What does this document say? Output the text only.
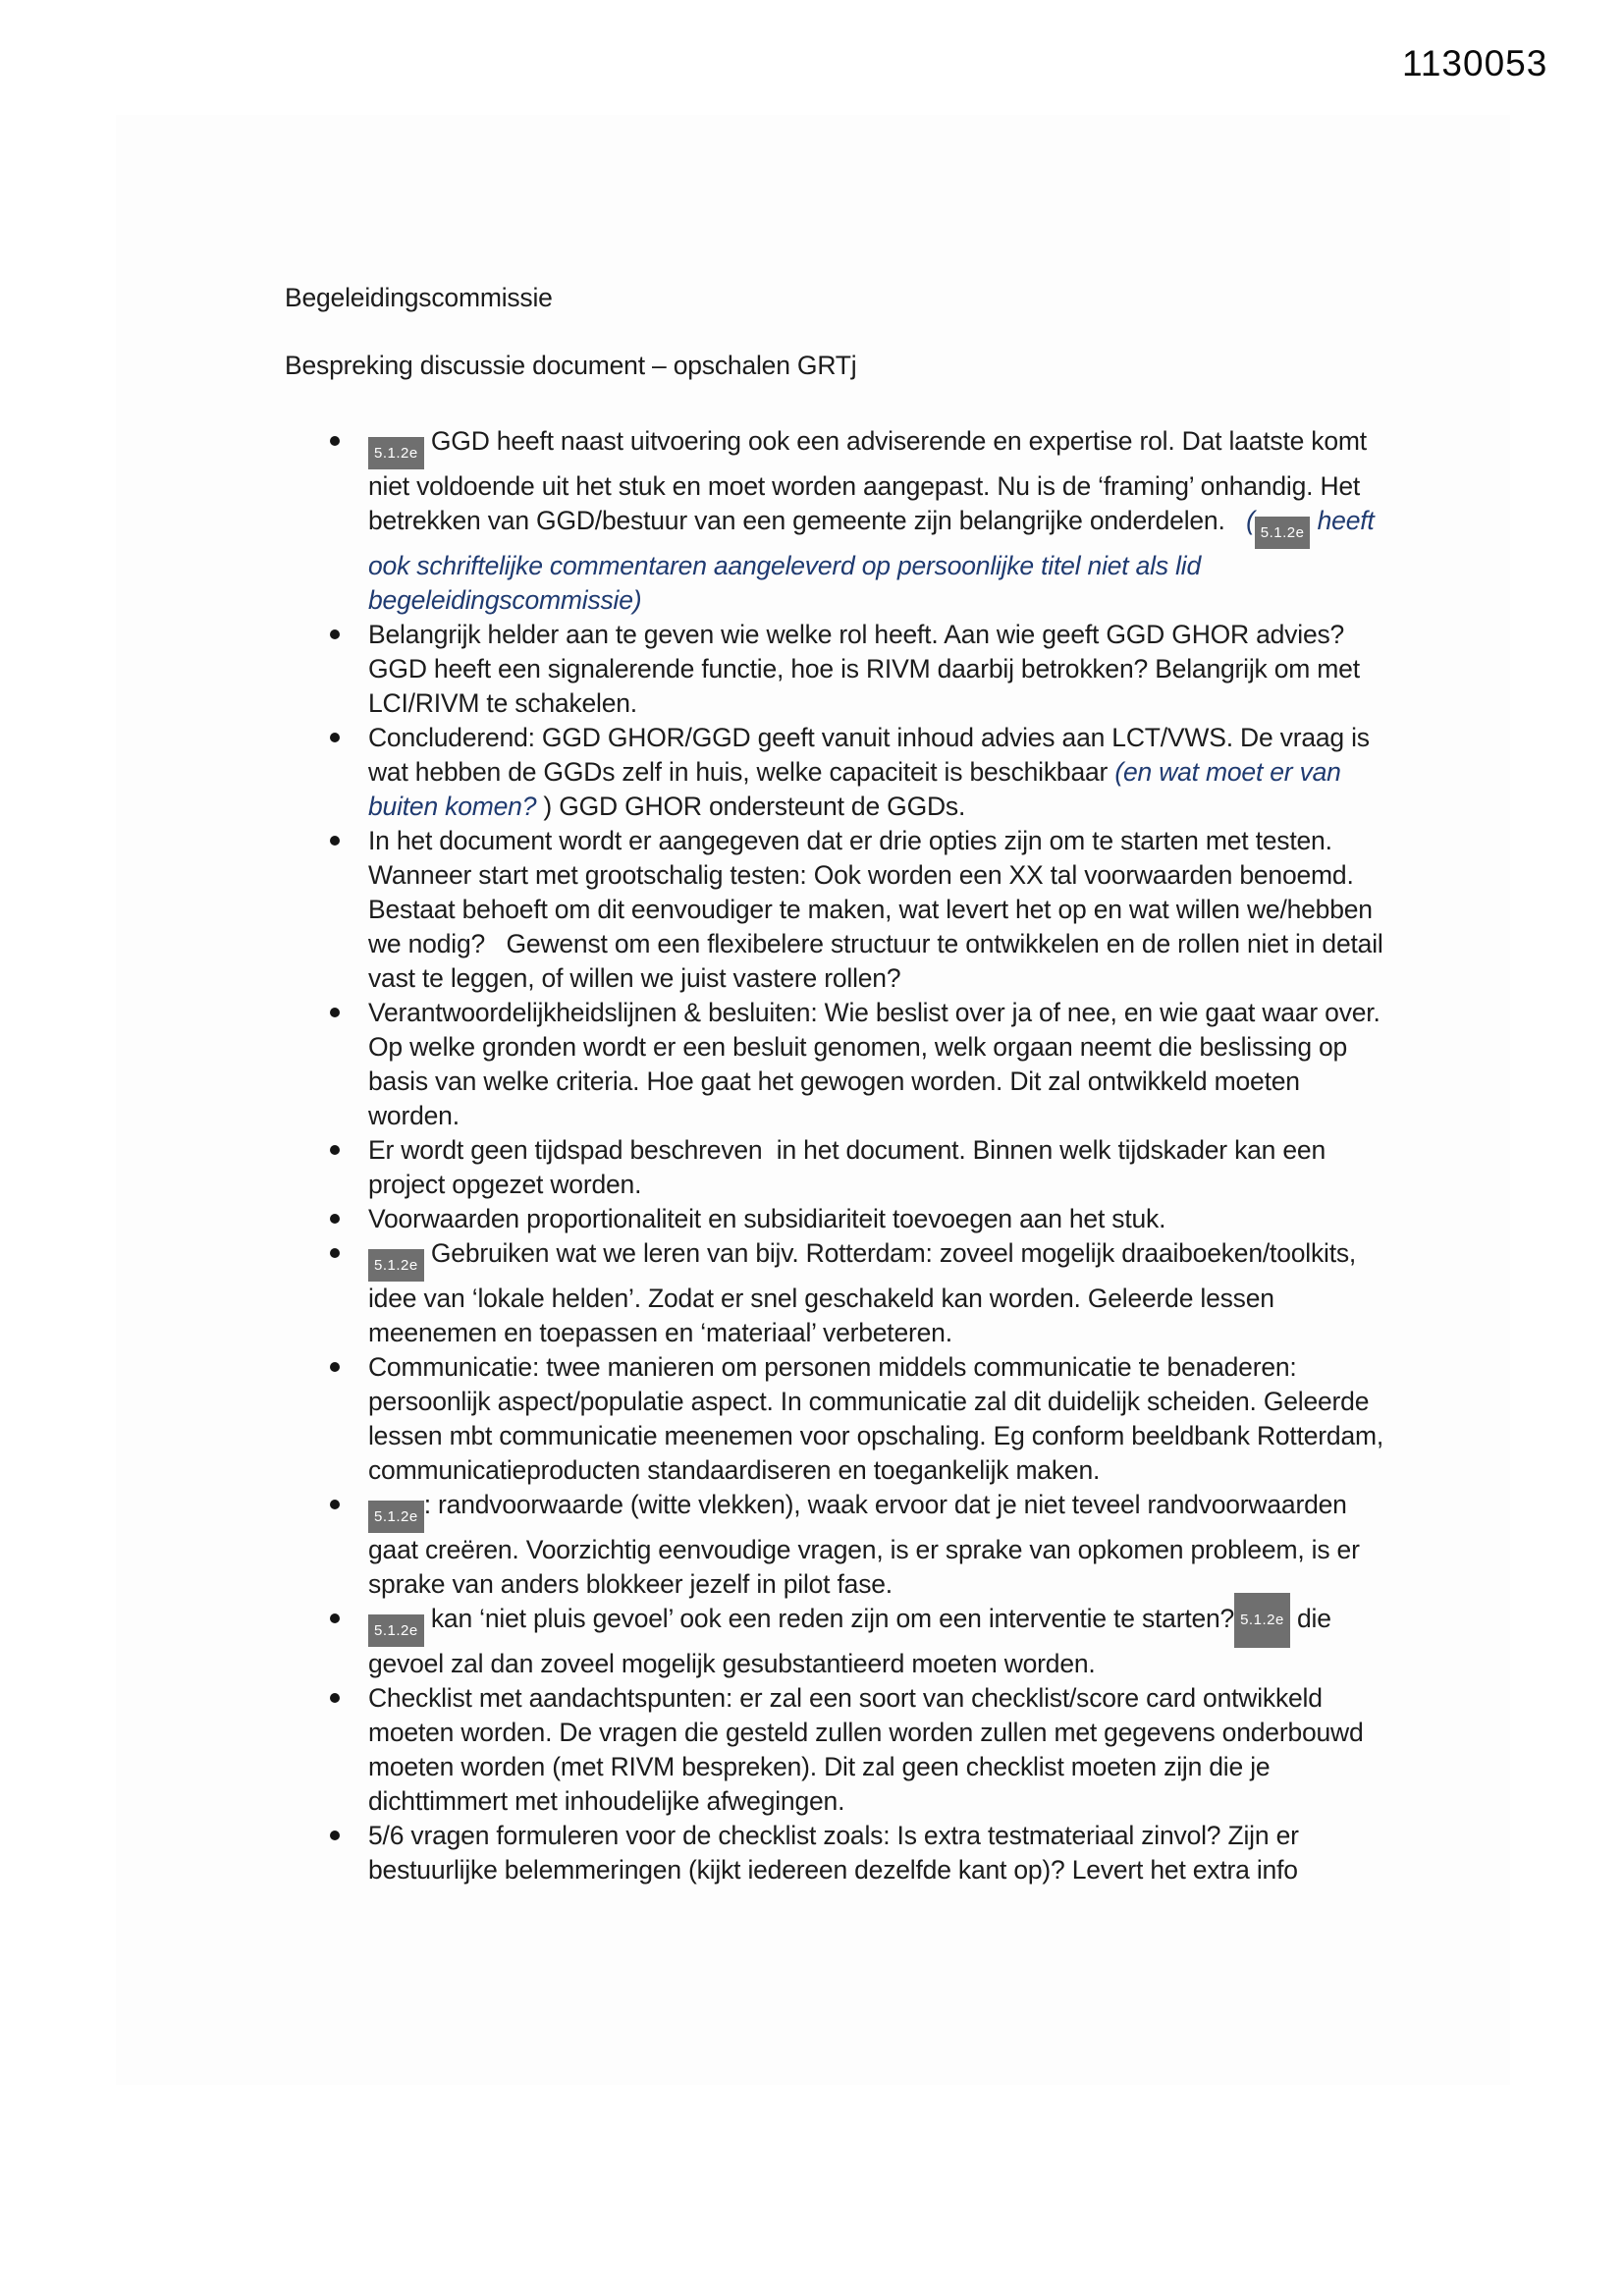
1130053

Begeleidingscommissie

Bespreking discussie document – opschalen GRTj

5.1.2e GGD heeft naast uitvoering ook een adviserende en expertise rol. Dat laatste komt niet voldoende uit het stuk en moet worden aangepast. Nu is de ‘framing’ onhandig. Het betrekken van GGD/bestuur van een gemeente zijn belangrijke onderdelen.   ( 5.1.2e heeft ook schriftelijke commentaren aangeleverd op persoonlijke titel niet als lid begeleidingscommissie)
Belangrijk helder aan te geven wie welke rol heeft. Aan wie geeft GGD GHOR advies? GGD heeft een signalerende functie, hoe is RIVM daarbij betrokken? Belangrijk om met LCI/RIVM te schakelen.
Concluderend: GGD GHOR/GGD geeft vanuit inhoud advies aan LCT/VWS. De vraag is wat hebben de GGDs zelf in huis, welke capaciteit is beschikbaar (en wat moet er van buiten komen? ) GGD GHOR ondersteunt de GGDs.
In het document wordt er aangegeven dat er drie opties zijn om te starten met testen. Wanneer start met grootschalig testen: Ook worden een XX tal voorwaarden benoemd. Bestaat behoeft om dit eenvoudiger te maken, wat levert het op en wat willen we/hebben we nodig?   Gewenst om een flexibelere structuur te ontwikkelen en de rollen niet in detail vast te leggen, of willen we juist vastere rollen?
Verantwoordelijkheidslijnen & besluiten: Wie beslist over ja of nee, en wie gaat waar over. Op welke gronden wordt er een besluit genomen, welk orgaan neemt die beslissing op basis van welke criteria. Hoe gaat het gewogen worden. Dit zal ontwikkeld moeten worden.
Er wordt geen tijdspad beschreven  in het document. Binnen welk tijdskader kan een project opgezet worden.
Voorwaarden proportionaliteit en subsidiariteit toevoegen aan het stuk.
5.1.2e Gebruiken wat we leren van bijv. Rotterdam: zoveel mogelijk draaiboeken/toolkits, idee van ‘lokale helden’. Zodat er snel geschakeld kan worden. Geleerde lessen meenemen en toepassen en ‘materiaal’ verbeteren.
Communicatie: twee manieren om personen middels communicatie te benaderen: persoonlijk aspect/populatie aspect. In communicatie zal dit duidelijk scheiden. Geleerde lessen mbt communicatie meenemen voor opschaling. Eg conform beeldbank Rotterdam, communicatieproducten standaardiseren en toegankelijk maken.
5.1.2e : randvoorwaarde (witte vlekken), waak ervoor dat je niet teveel randvoorwaarden gaat creëren. Voorzichtig eenvoudige vragen, is er sprake van opkomen probleem, is er sprake van anders blokkeer jezelf in pilot fase.
5.1.2e kan ‘niet pluis gevoel’ ook een reden zijn om een interventie te starten? 5.1.2e die gevoel zal dan zoveel mogelijk gesubstantieerd moeten worden.
Checklist met aandachtspunten: er zal een soort van checklist/score card ontwikkeld moeten worden. De vragen die gesteld zullen worden zullen met gegevens onderbouwd moeten worden (met RIVM bespreken). Dit zal geen checklist moeten zijn die je dichttimmert met inhoudelijke afwegingen.
5/6 vragen formuleren voor de checklist zoals: Is extra testmateriaal zinvol? Zijn er bestuurlijke belemmeringen (kijkt iedereen dezelfde kant op)? Levert het extra info
